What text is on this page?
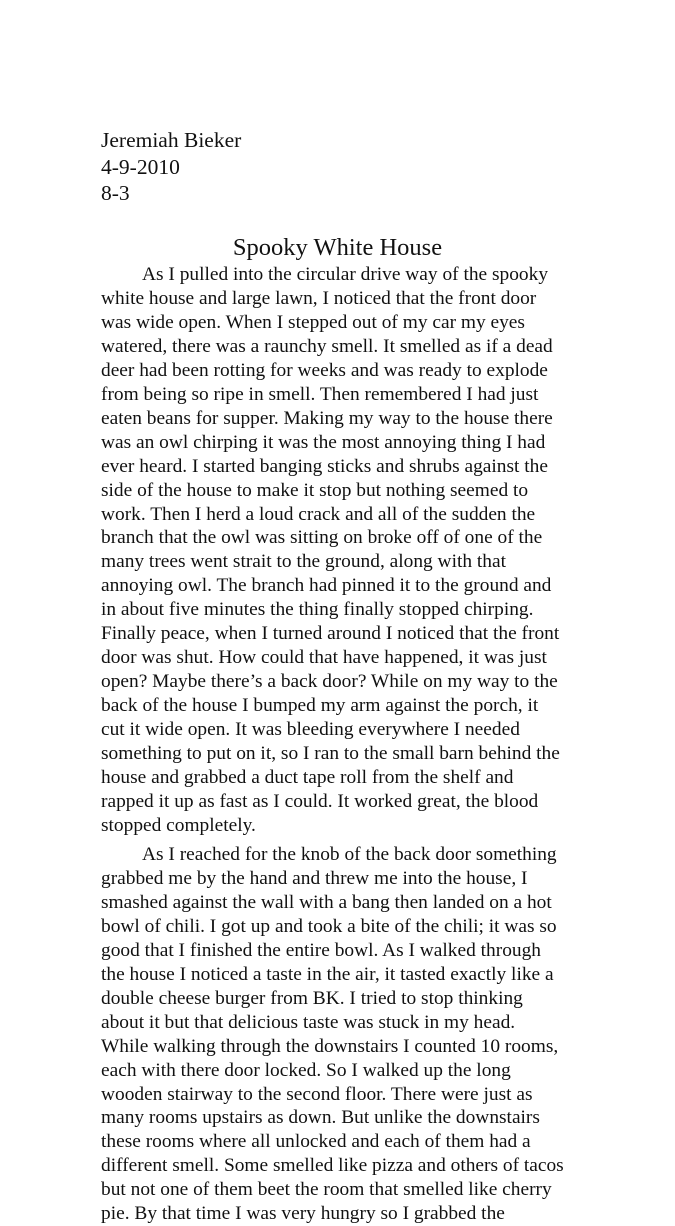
Jeremiah Bieker
4-9-2010
8-3
Spooky White House
As I pulled into the circular drive way of the spooky
white house and large lawn, I noticed that the front door
was wide open. When I stepped out of my car my eyes
watered, there was a raunchy smell. It smelled as if a dead
deer had been rotting for weeks and was ready to explode
from being so ripe in smell. Then remembered I had just
eaten beans for supper. Making my way to the house there
was an owl chirping it was the most annoying thing I had
ever heard. I started banging sticks and shrubs against the
side of the house to make it stop but nothing seemed to
work. Then I herd a loud crack and all of the sudden the
branch that the owl was sitting on broke off of one of the
many trees went strait to the ground, along with that
annoying owl. The branch had pinned it to the ground and
in about five minutes the thing finally stopped chirping.
Finally peace, when I turned around I noticed that the front
door was shut. How could that have happened, it was just
open? Maybe there’s a back door? While on my way to the
back of the house I bumped my arm against the porch, it
cut it wide open. It was bleeding everywhere I needed
something to put on it, so I ran to the small barn behind the
house and grabbed a duct tape roll from the shelf and
rapped it up as fast as I could. It worked great, the blood
stopped completely.
As I reached for the knob of the back door something
grabbed me by the hand and threw me into the house, I
smashed against the wall with a bang then landed on a hot
bowl of chili. I got up and took a bite of the chili; it was so
good that I finished the entire bowl. As I walked through
the house I noticed a taste in the air, it tasted exactly like a
double cheese burger from BK. I tried to stop thinking
about it but that delicious taste was stuck in my head.
While walking through the downstairs I counted 10 rooms,
each with there door locked. So I walked up the long
wooden stairway to the second floor. There were just as
many rooms upstairs as down. But unlike the downstairs
these rooms where all unlocked and each of them had a
different smell. Some smelled like pizza and others of tacos
but not one of them beet the room that smelled like cherry
pie. By that time I was very hungry so I grabbed the
